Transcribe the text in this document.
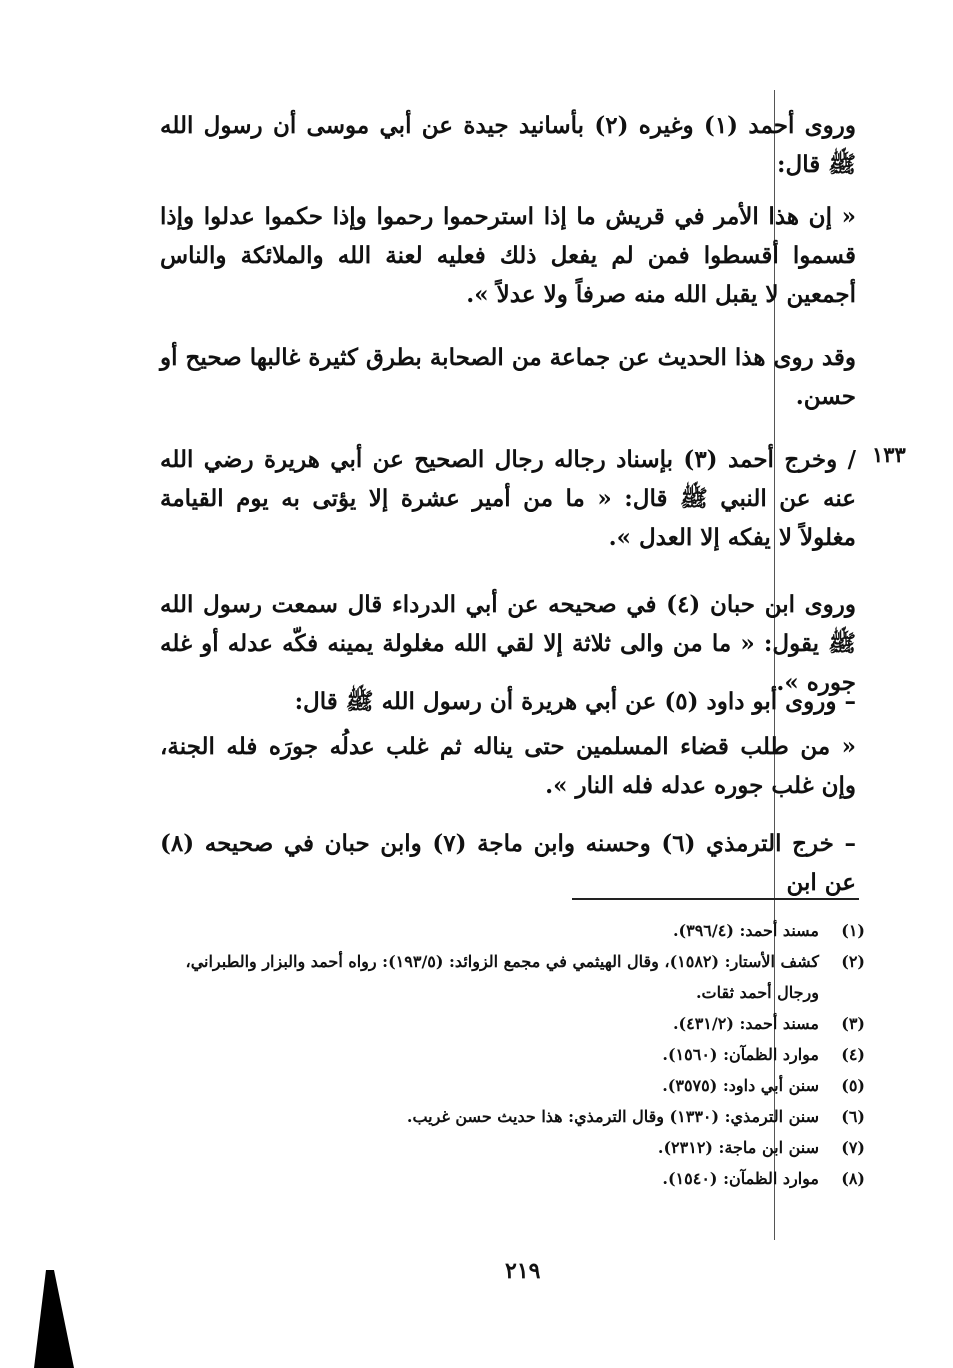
وروى أحمد (١) وغيره (٢) بأسانيد جيدة عن أبي موسى أن رسول الله ﷺ قال:
« إن هذا الأمر في قريش ما إذا استرحموا رحموا وإذا حكموا عدلوا وإذا قسموا أقسطوا فمن لم يفعل ذلك فعليه لعنة الله والملائكة والناس أجمعين لا يقبل الله منه صرفاً ولا عدلاً ».
وقد روى هذا الحديث عن جماعة من الصحابة بطرق كثيرة غالبها صحيح أو حسن.
١٣٣
/ وخرج أحمد (٣) بإسناد رجاله رجال الصحيح عن أبي هريرة رضي الله عنه عن النبي ﷺ قال: « ما من أمير عشرة إلا يؤتى به يوم القيامة مغلولاً لا يفكه إلا العدل ».
وروى ابن حبان (٤) في صحيحه عن أبي الدرداء قال سمعت رسول الله ﷺ يقول: « ما من والى ثلاثة إلا لقي الله مغلولة يمينه فكّه عدله أو غله جوره ».
– وروى أبو داود (٥) عن أبي هريرة أن رسول الله ﷺ قال:
« من طلب قضاء المسلمين حتى يناله ثم غلب عدلُه جورَه فله الجنة، وإن غلب جوره عدله فله النار ».
– خرج الترمذي (٦) وحسنه وابن ماجة (٧) وابن حبان في صحيحه (٨) عن ابن
(١)مسند أحمد: (٣٩٦/٤).
(٢)كشف الأستار: (١٥٨٢)، وقال الهيثمي في مجمع الزوائد: (١٩٣/٥): رواه أحمد والبزار والطبراني، ورجال أحمد ثقات.
(٣)مسند أحمد: (٤٣١/٢).
(٤)موارد الظمآن: (١٥٦٠).
(٥)سنن أبي داود: (٣٥٧٥).
(٦)سنن الترمذي: (١٣٣٠) وقال الترمذي: هذا حديث حسن غريب.
(٧)سنن ابن ماجة: (٢٣١٢).
(٨)موارد الظمآن: (١٥٤٠).
٢١٩
